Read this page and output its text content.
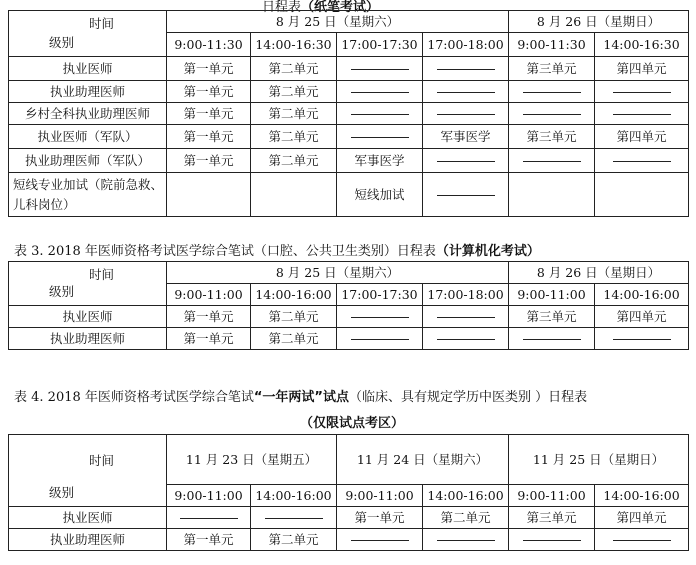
日程表（纸笔考试）
时间
级别	8 月 25 日（星期六）				8 月 26 日（星期日）	
	9:00-11:30	14:00-16:30	17:00-17:30	17:00-18:00	9:00-11:30	14:00-16:30
执业医师	第一单元	第二单元			第三单元	第四单元
执业助理医师	第一单元	第二单元				
乡村全科执业助理医师	第一单元	第二单元				
执业医师（军队）	第一单元	第二单元		军事医学	第三单元	第四单元
执业助理医师（军队）	第一单元	第二单元	军事医学			
短线专业加试（院前急救、儿科岗位）			短线加试			
表 3. 2018 年医师资格考试医学综合笔试（口腔、公共卫生类别）日程表（计算机化考试）
时间
级别	8 月 25 日（星期六）				8 月 26 日（星期日）	
	9:00-11:00	14:00-16:00	17:00-17:30	17:00-18:00	9:00-11:00	14:00-16:00
执业医师	第一单元	第二单元			第三单元	第四单元
执业助理医师	第一单元	第二单元				
表 4. 2018 年医师资格考试医学综合笔试“一年两试”试点（临床、具有规定学历中医类别 ）日程表
（仅限试点考区）
时间
级别	11 月 23 日（星期五）		11 月 24 日（星期六）		11 月 25 日（星期日）	
	9:00-11:00	14:00-16:00	9:00-11:00	14:00-16:00	9:00-11:00	14:00-16:00
执业医师			第一单元	第二单元	第三单元	第四单元
执业助理医师	第一单元	第二单元				
